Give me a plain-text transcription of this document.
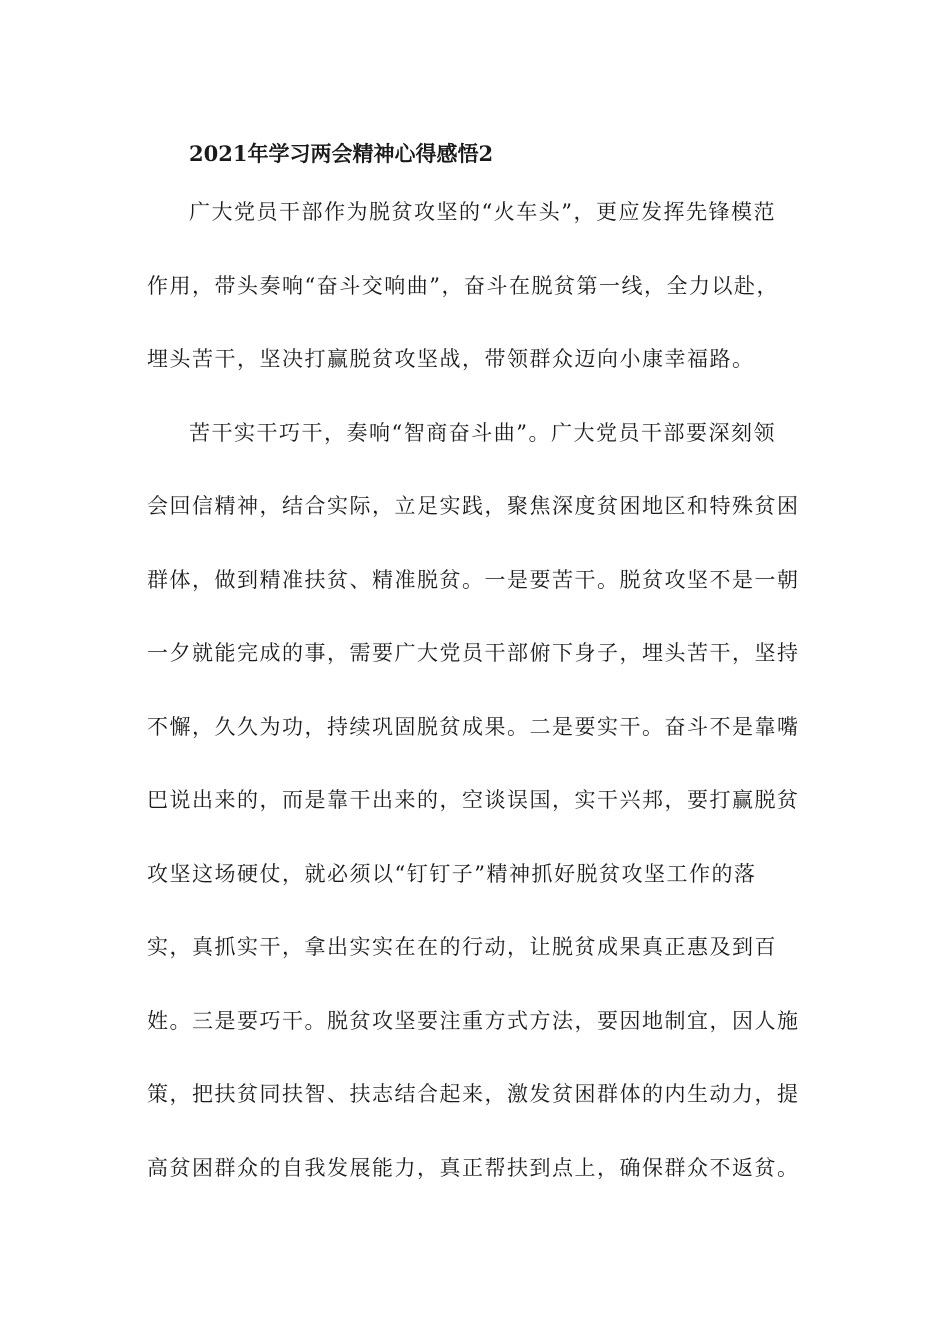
2021年学习两会精神心得感悟2
广大党员干部作为脱贫攻坚的“火车头”，更应发挥先锋模范
作用，带头奏响“奋斗交响曲”，奋斗在脱贫第一线，全力以赴，
埋头苦干，坚决打赢脱贫攻坚战，带领群众迈向小康幸福路。
苦干实干巧干，奏响“智商奋斗曲”。广大党员干部要深刻领
会回信精神，结合实际，立足实践，聚焦深度贫困地区和特殊贫困
群体，做到精准扶贫、精准脱贫。一是要苦干。脱贫攻坚不是一朝
一夕就能完成的事，需要广大党员干部俯下身子，埋头苦干，坚持
不懈，久久为功，持续巩固脱贫成果。二是要实干。奋斗不是靠嘴
巴说出来的，而是靠干出来的，空谈误国，实干兴邦，要打赢脱贫
攻坚这场硬仗，就必须以“钉钉子”精神抓好脱贫攻坚工作的落
实，真抓实干，拿出实实在在的行动，让脱贫成果真正惠及到百
姓。三是要巧干。脱贫攻坚要注重方式方法，要因地制宜，因人施
策，把扶贫同扶智、扶志结合起来，激发贫困群体的内生动力，提
高贫困群众的自我发展能力，真正帮扶到点上，确保群众不返贫。
